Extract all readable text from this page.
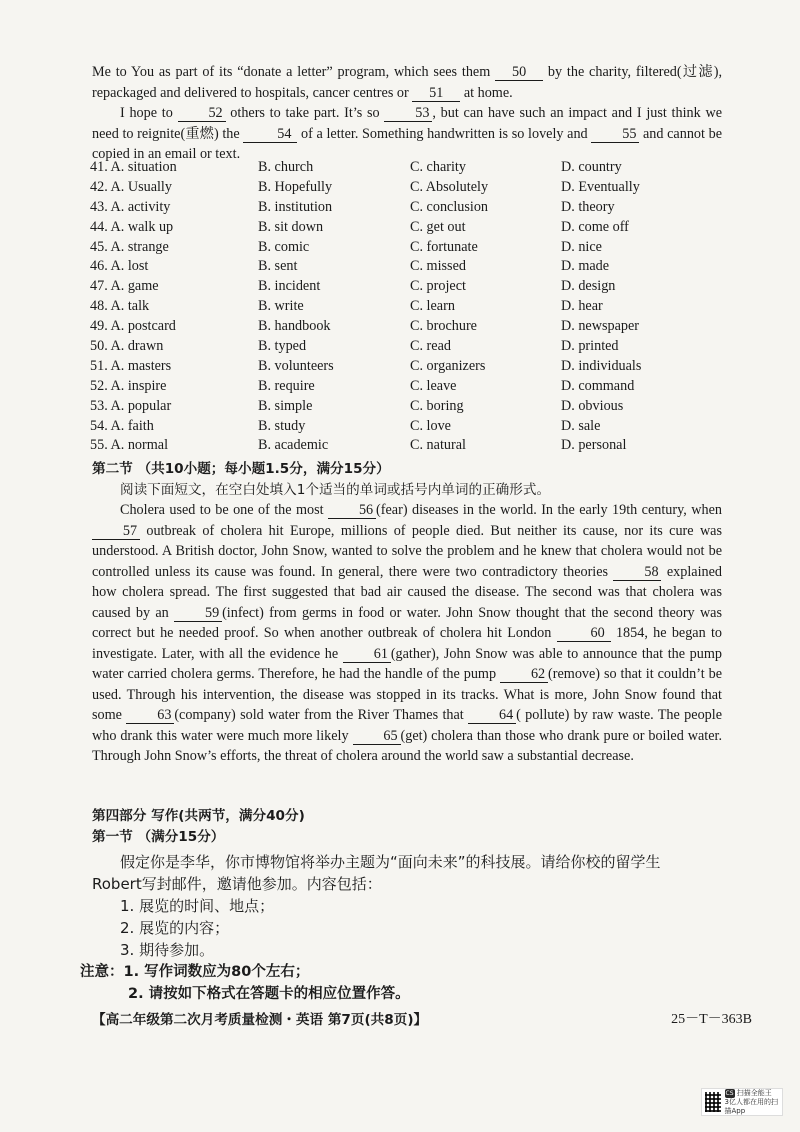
Me to You as part of its “donate a letter” program, which sees them 50 by the charity, filtered(过滤), repackaged and delivered to hospitals, cancer centres or 51 at home.
I hope to	52 others to take part. It’s so	53 , but can have such an impact and I just think we need to reignite(重燃) the	54 of a letter. Something handwritten is so lovely and 55 and cannot be copied in an email or text.
41. A. situation	B. church	C. charity	D. country
42. A. Usually	B. Hopefully	C. Absolutely	D. Eventually
43. A. activity	B. institution	C. conclusion	D. theory
44. A. walk up	B. sit down	C. get out	D. come off
45. A. strange	B. comic	C. fortunate	D. nice
46. A. lost	B. sent	C. missed	D. made
47. A. game	B. incident	C. project	D. design
48. A. talk	B. write	C. learn	D. hear
49. A. postcard	B. handbook	C. brochure	D. newspaper
50. A. drawn	B. typed	C. read	D. printed
51. A. masters	B. volunteers	C. organizers	D. individuals
52. A. inspire	B. require	C. leave	D. command
53. A. popular	B. simple	C. boring	D. obvious
54. A. faith	B. study	C. love	D. sale
55. A. normal	B. academic	C. natural	D. personal
第二节 （共10小题；每小题1.5分，满分15分）
阅读下面短文，在空白处填入1个适当的单词或括号内单词的正确形式。
Cholera used to be one of the most 56 (fear) diseases in the world. In the early 19th century, when 57 outbreak of cholera hit Europe, millions of people died. But neither its cause, nor its cure was understood. A British doctor, John Snow, wanted to solve the problem and he knew that cholera would not be controlled unless its cause was found. In general, there were two contradictory theories	58 explained how cholera spread. The first suggested that bad air caused the disease. The second was that cholera was caused by an	59 (infect) from germs in food or water. John Snow thought that the second theory was correct but he needed proof. So when another outbreak of cholera hit London	60 1854, he began to investigate. Later, with all the evidence he	61 (gather), John Snow was able to announce that the pump water carried cholera germs. Therefore, he had the handle of the pump 62 (remove) so that it couldn’t be used. Through his intervention, the disease was stopped in its tracks. What is more, John Snow found that some 63 (company) sold water from the River Thames that 64 ( pollute) by raw waste. The people who drank this water were much more likely 65 (get) cholera than those who drank pure or boiled water. Through John Snow’s efforts, the threat of cholera around the world saw a substantial decrease.
第四部分 写作(共两节，满分40分)
第一节 （满分15分）
假定你是李华，你市博物馆将举办主题为“面向未来”的科技展。请给你校的留学生
Robert写封邮件，邀请他参加。内容包括：
1. 展览的时间、地点；
2. 展览的内容；
3. 期待参加。
注意：1. 写作词数应为80个左右；
2. 请按如下格式在答题卡的相应位置作答。
【高二年级第二次月考质量检测・英语 第7页(共8页)】	25－T－363B
CS 扫描全能王
3亿人都在用的扫描App
